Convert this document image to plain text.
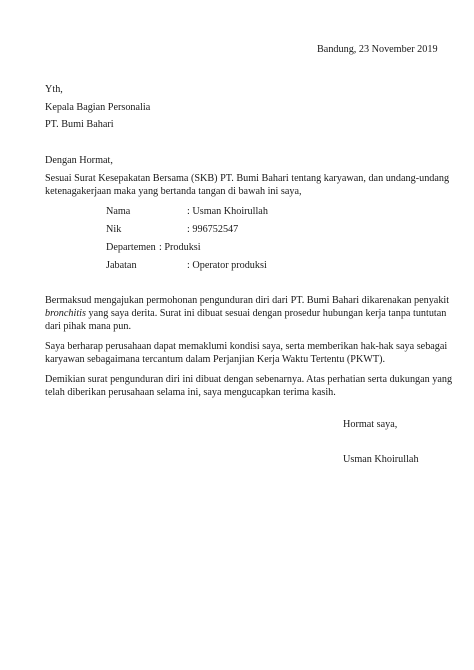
Bandung, 23 November 2019
Yth,
Kepala Bagian Personalia
PT. Bumi Bahari
Dengan Hormat,
Sesuai Surat Kesepakatan Bersama (SKB) PT. Bumi Bahari tentang karyawan, dan undang-undang
ketenagakerjaan maka yang bertanda tangan di bawah ini saya,
Nama	: Usman Khoirullah
Nik	: 996752547
Departemen : Produksi
Jabatan	: Operator produksi
Bermaksud mengajukan permohonan pengunduran diri dari PT. Bumi Bahari dikarenakan penyakit
bronchitis yang saya derita. Surat ini dibuat sesuai dengan prosedur hubungan kerja tanpa tuntutan
dari pihak mana pun.
Saya berharap perusahaan dapat memaklumi kondisi saya, serta memberikan hak-hak saya sebagai
karyawan sebagaimana tercantum dalam Perjanjian Kerja Waktu Tertentu (PKWT).
Demikian surat pengunduran diri ini dibuat dengan sebenarnya. Atas perhatian serta dukungan yang
telah diberikan perusahaan selama ini, saya mengucapkan terima kasih.
Hormat saya,
Usman Khoirullah
